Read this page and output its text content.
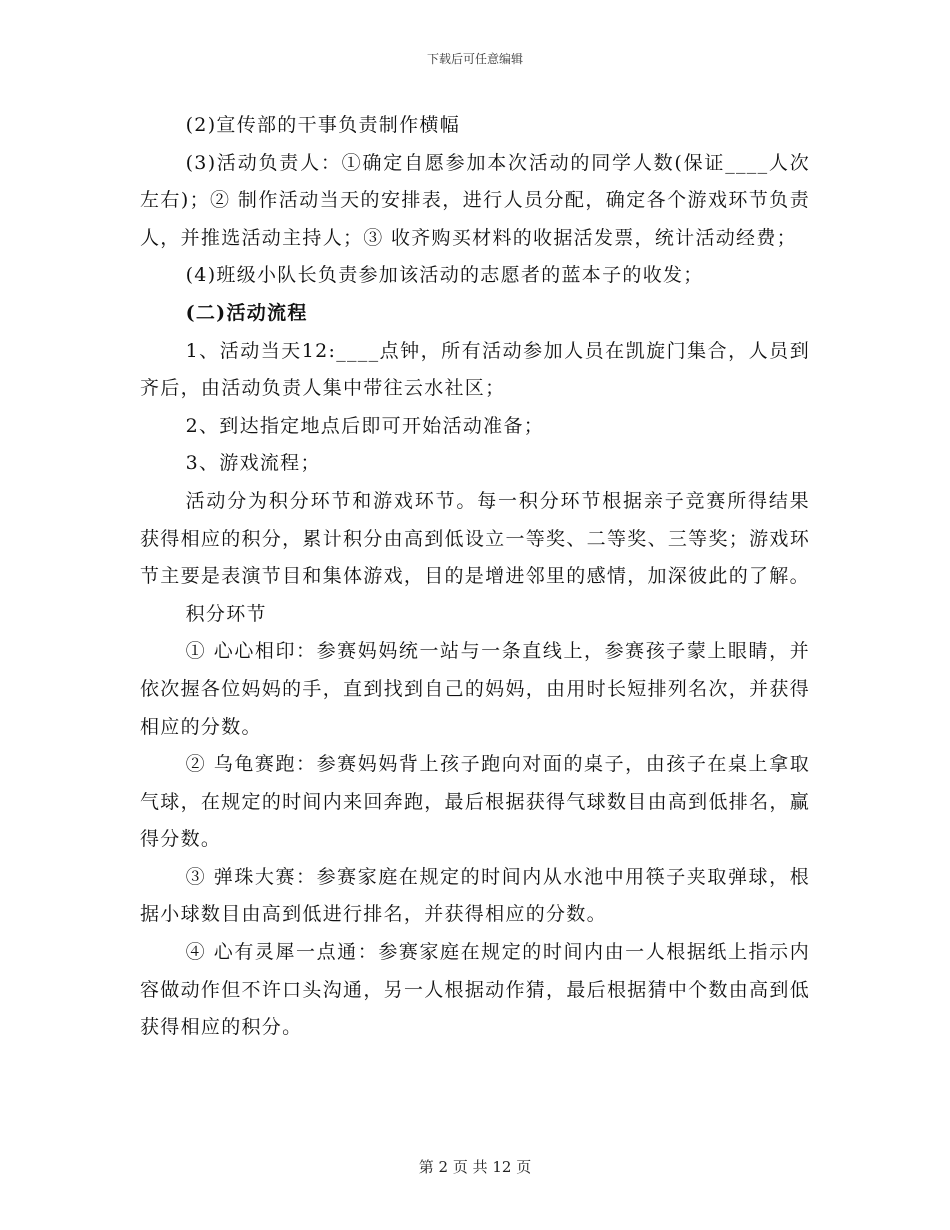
下载后可任意编辑

(2)宣传部的干事负责制作横幅

(3)活动负责人：①确定自愿参加本次活动的同学人数(保证____人次左右)；② 制作活动当天的安排表，进行人员分配，确定各个游戏环节负责人，并推选活动主持人；③ 收齐购买材料的收据活发票，统计活动经费；

(4)班级小队长负责参加该活动的志愿者的蓝本子的收发；

(二)活动流程

1、活动当天12:____点钟，所有活动参加人员在凯旋门集合，人员到齐后，由活动负责人集中带往云水社区；

2、到达指定地点后即可开始活动准备；

3、游戏流程；

活动分为积分环节和游戏环节。每一积分环节根据亲子竞赛所得结果获得相应的积分，累计积分由高到低设立一等奖、二等奖、三等奖；游戏环节主要是表演节目和集体游戏，目的是增进邻里的感情，加深彼此的了解。

积分环节

① 心心相印：参赛妈妈统一站与一条直线上，参赛孩子蒙上眼睛，并依次握各位妈妈的手，直到找到自己的妈妈，由用时长短排列名次，并获得相应的分数。

② 乌龟赛跑：参赛妈妈背上孩子跑向对面的桌子，由孩子在桌上拿取气球，在规定的时间内来回奔跑，最后根据获得气球数目由高到低排名，赢得分数。

③ 弹珠大赛：参赛家庭在规定的时间内从水池中用筷子夹取弹球，根据小球数目由高到低进行排名，并获得相应的分数。

④ 心有灵犀一点通：参赛家庭在规定的时间内由一人根据纸上指示内容做动作但不许口头沟通，另一人根据动作猜，最后根据猜中个数由高到低获得相应的积分。

第 2 页 共 12 页
